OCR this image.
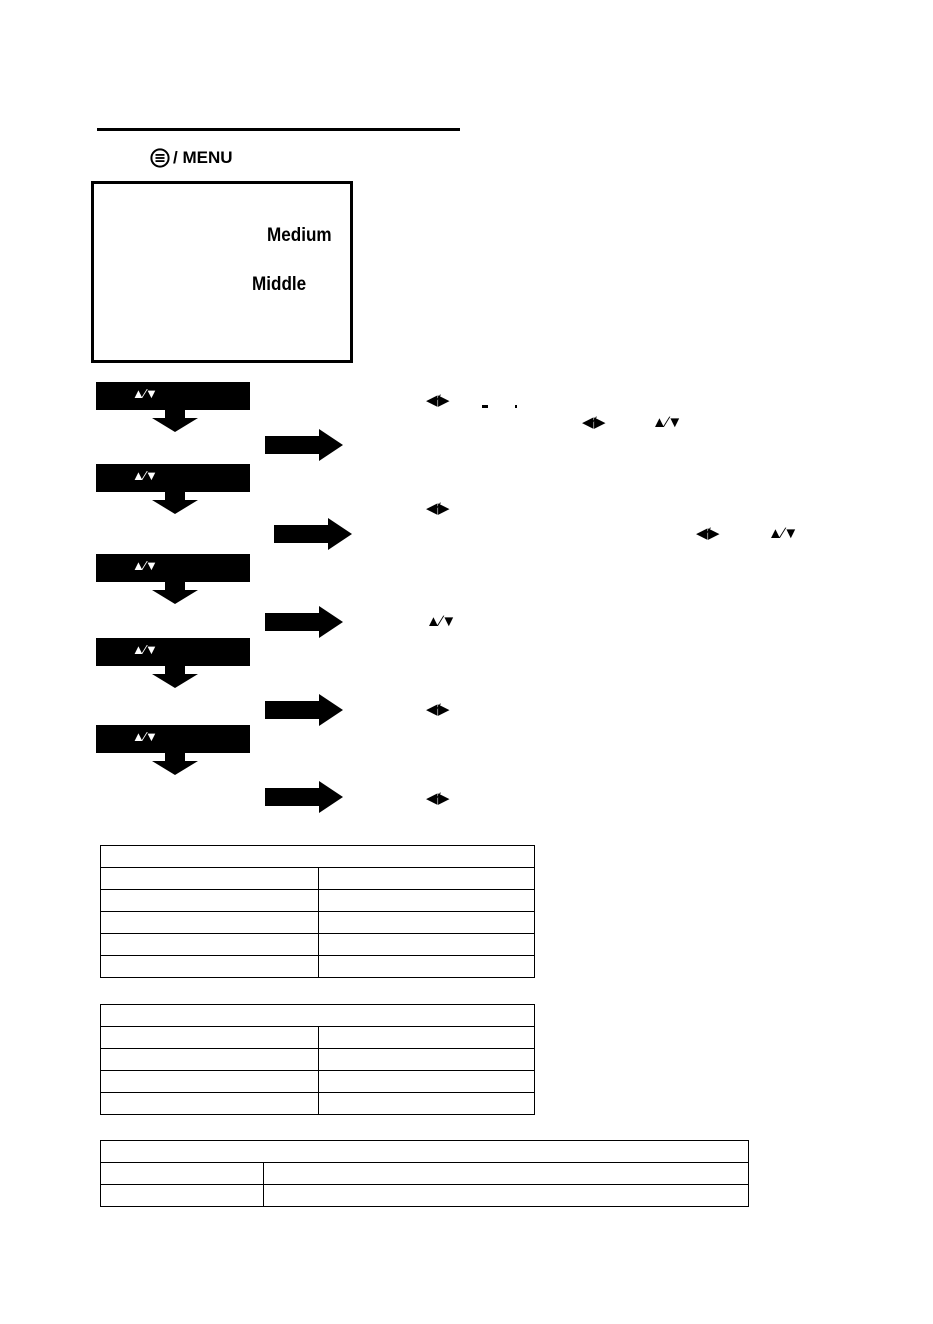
/ MENU
Medium
Middle
▲∕▼
▲∕▼
▲∕▼
▲∕▼
▲∕▼
◀∕▶
◀∕▶	▲∕▼
◀∕▶
◀∕▶	▲∕▼
▲∕▼
◀∕▶
◀∕▶
